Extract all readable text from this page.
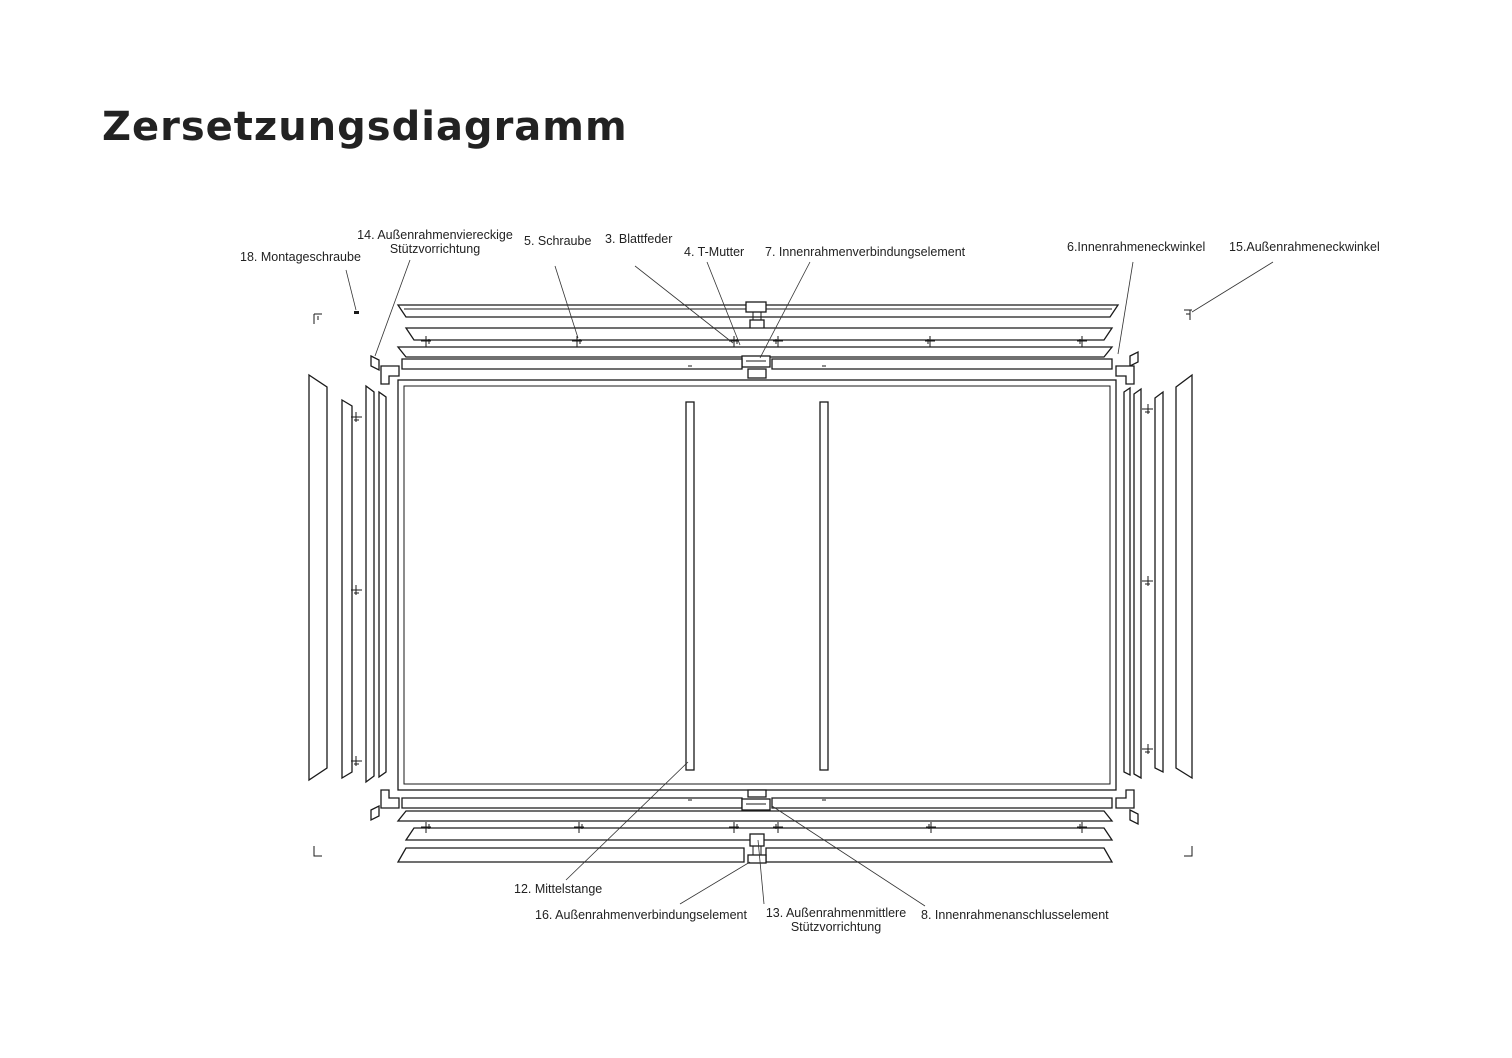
Zersetzungsdiagramm
18. Montageschraube
14. Außenrahmenviereckige
Stützvorrichtung
5. Schraube 3. Blattfeder
4. T-Mutter 7. Innenrahmenverbindungselement	6.Innenrahmeneckwinkel 15.Außenrahmeneckwinkel
12. Mittelstange
16. Außenrahmenverbindungselement 13. Außenrahmenmittlere
Stützvorrichtung
8. Innenrahmenanschlusselement
